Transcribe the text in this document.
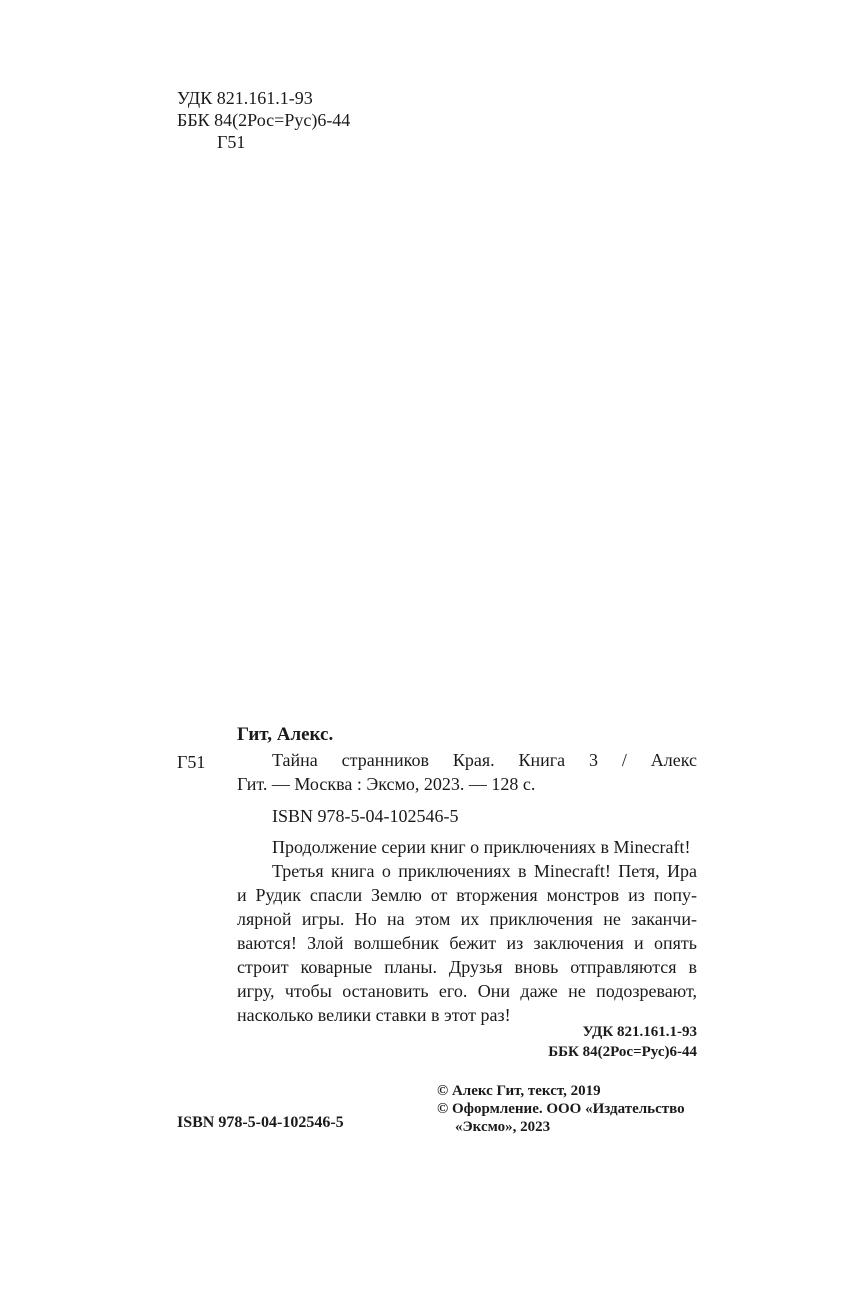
УДК 821.161.1-93
ББК 84(2Рос=Рус)6-44
Г51
Гит, Алекс.
Г51	Тайна странников Края. Книга 3 / Алекс
Гит. — Москва : Эксмо, 2023. — 128 с.
ISBN 978-5-04-102546-5
Продолжение серии книг о приключениях в Minecraft!
Третья книга о приключениях в Minecraft! Петя, Ира
и Рудик спасли Землю от вторжения монстров из попу-
лярной игры. Но на этом их приключения не заканчи-
ваются! Злой волшебник бежит из заключения и опять
строит коварные планы. Друзья вновь отправляются в
игру, чтобы остановить его. Они даже не подозревают,
насколько велики ставки в этот раз!
УДК 821.161.1-93
ББК 84(2Рос=Рус)6-44
ISBN 978-5-04-102546-5
© Алекс Гит, текст, 2019
© Оформление. ООО «Издательство
«Эксмо», 2023
